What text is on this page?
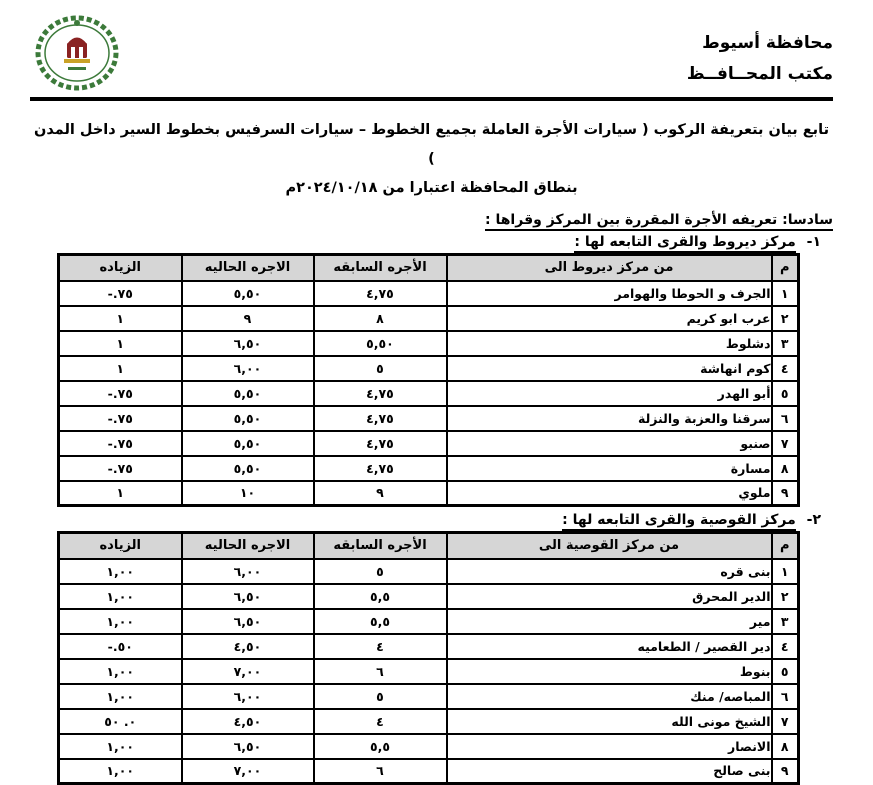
محافظة أسيوط
مكتب المحــافــظ
تابع بيان بتعريفة الركوب ( سيارات الأجرة العاملة بجميع الخطوط – سيارات السرفيس بخطوط السير داخل المدن )
بنطاق المحافظة اعتبارا من ٢٠٢٤/١٠/١٨م
سادسا: تعريفه الأجرة المقررة بين المركز وقراها :
١- مركز ديروط والقرى التابعه لها :
م	من مركز ديروط الى	الأجره السابقه	الاجره الحاليه	الزياده
١	الجرف و الحوطا والهوامر	٤,٧٥	٥,٥٠	-.٧٥
٢	عرب ابو كريم	٨	٩	١
٣	دشلوط	٥,٥٠	٦,٥٠	١
٤	كوم انهاشة	٥	٦,٠٠	١
٥	أبو الهدر	٤,٧٥	٥,٥٠	-.٧٥
٦	سرقنا والعزبة والنزلة	٤,٧٥	٥,٥٠	-.٧٥
٧	صنبو	٤,٧٥	٥,٥٠	-.٧٥
٨	مسارة	٤,٧٥	٥,٥٠	-.٧٥
٩	ملوي	٩	١٠	١
٢- مركز القوصية والقرى التابعه لها :
م	من مركز القوصية الى	الأجره السابقه	الاجره الحاليه	الزياده
١	بنى قره	٥	٦,٠٠	١,٠٠
٢	الدير المحرق	٥,٥	٦,٥٠	١,٠٠
٣	مير	٥,٥	٦,٥٠	١,٠٠
٤	دير القصير / الطعاميه	٤	٤,٥٠	-.٥٠
٥	بنوط	٦	٧,٠٠	١,٠٠
٦	المباصه/ منك	٥	٦,٠٠	١,٠٠
٧	الشيخ مونى الله	٤	٤,٥٠	٠. ٥٠
٨	الانصار	٥,٥	٦,٥٠	١,٠٠
٩	بنى صالح	٦	٧,٠٠	١,٠٠
